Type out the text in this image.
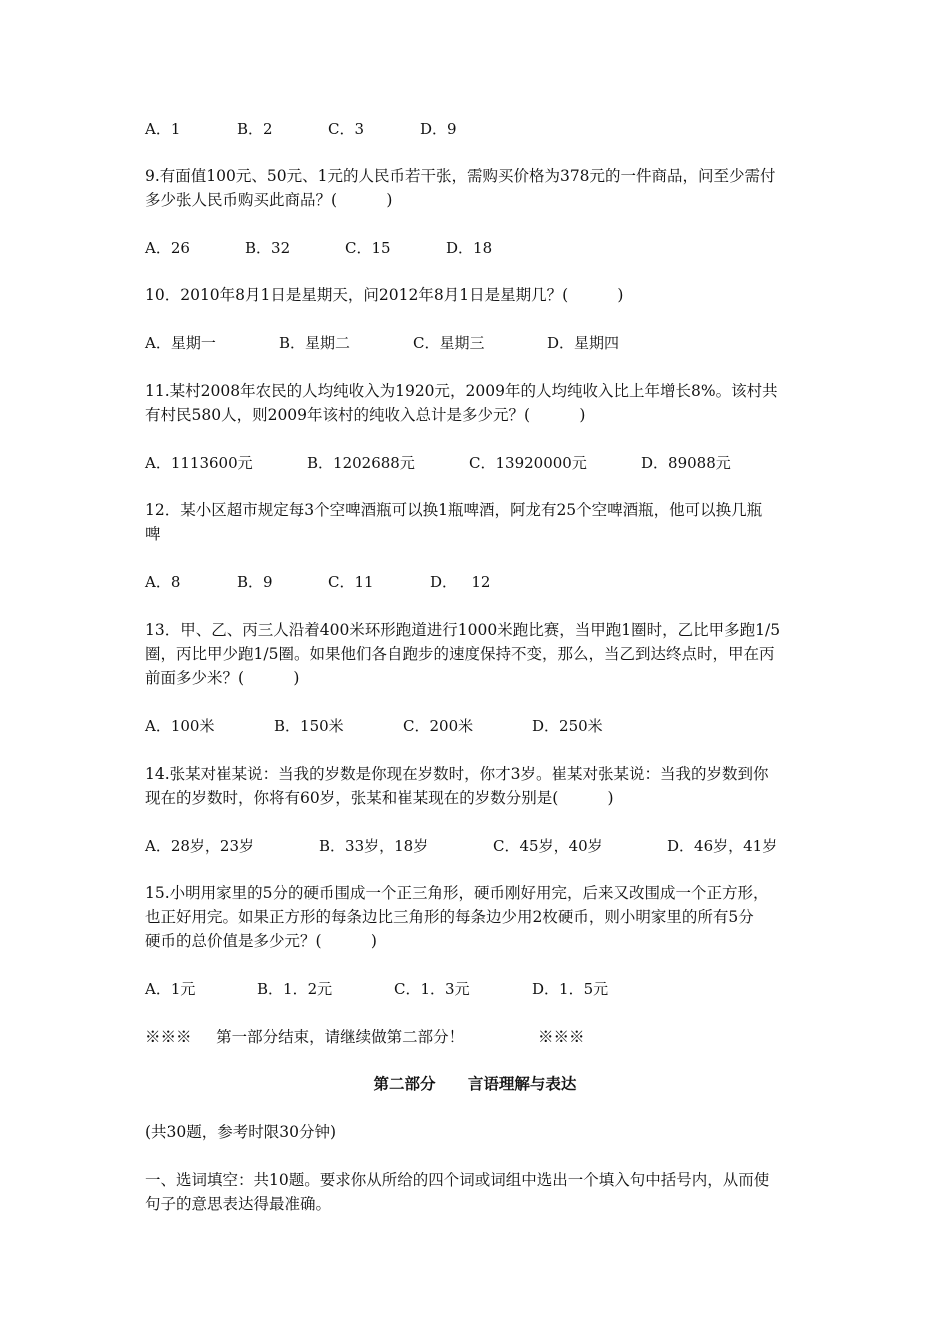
A．1	B．2	C．3	D．9
9.有面值100元、50元、1元的人民币若干张，需购买价格为378元的一件商品，问至少需付
多少张人民币购买此商品？(          )
A．26	B．32	C．15	D．18
10．2010年8月1日是星期天，问2012年8月1日是星期几？(          )
A．星期一	B．星期二	C．星期三	D．星期四
11.某村2008年农民的人均纯收入为1920元，2009年的人均纯收入比上年增长8%。该村共
有村民580人，则2009年该村的纯收入总计是多少元？(          )
A．1113600元	B．1202688元	C．13920000元	D．89088元
12．某小区超市规定每3个空啤酒瓶可以换1瓶啤酒，阿龙有25个空啤酒瓶，他可以换几瓶
啤
A．8	B．9	C．11	D．   12
13．甲、乙、丙三人沿着400米环形跑道进行1000米跑比赛，当甲跑1圈时，乙比甲多跑1/5
圈，丙比甲少跑1/5圈。如果他们各自跑步的速度保持不变，那么，当乙到达终点时，甲在丙
前面多少米？(          )
A．100米	B．150米	C．200米	D．250米
14.张某对崔某说：当我的岁数是你现在岁数时，你才3岁。崔某对张某说：当我的岁数到你
现在的岁数时，你将有60岁，张某和崔某现在的岁数分别是(          )
A．28岁，23岁	B．33岁，18岁	C．45岁，40岁	D．46岁，41岁
15.小明用家里的5分的硬币围成一个正三角形，硬币刚好用完，后来又改围成一个正方形，
也正好用完。如果正方形的每条边比三角形的每条边少用2枚硬币，则小明家里的所有5分
硬币的总价值是多少元？(          )
A．1元	B．1．2元	C．1．3元	D．1．5元
※※※     第一部分结束，请继续做第二部分！               ※※※
第二部分      言语理解与表达
(共30题，参考时限30分钟)
一、选词填空：共10题。要求你从所给的四个词或词组中选出一个填入句中括号内，从而使
句子的意思表达得最准确。
